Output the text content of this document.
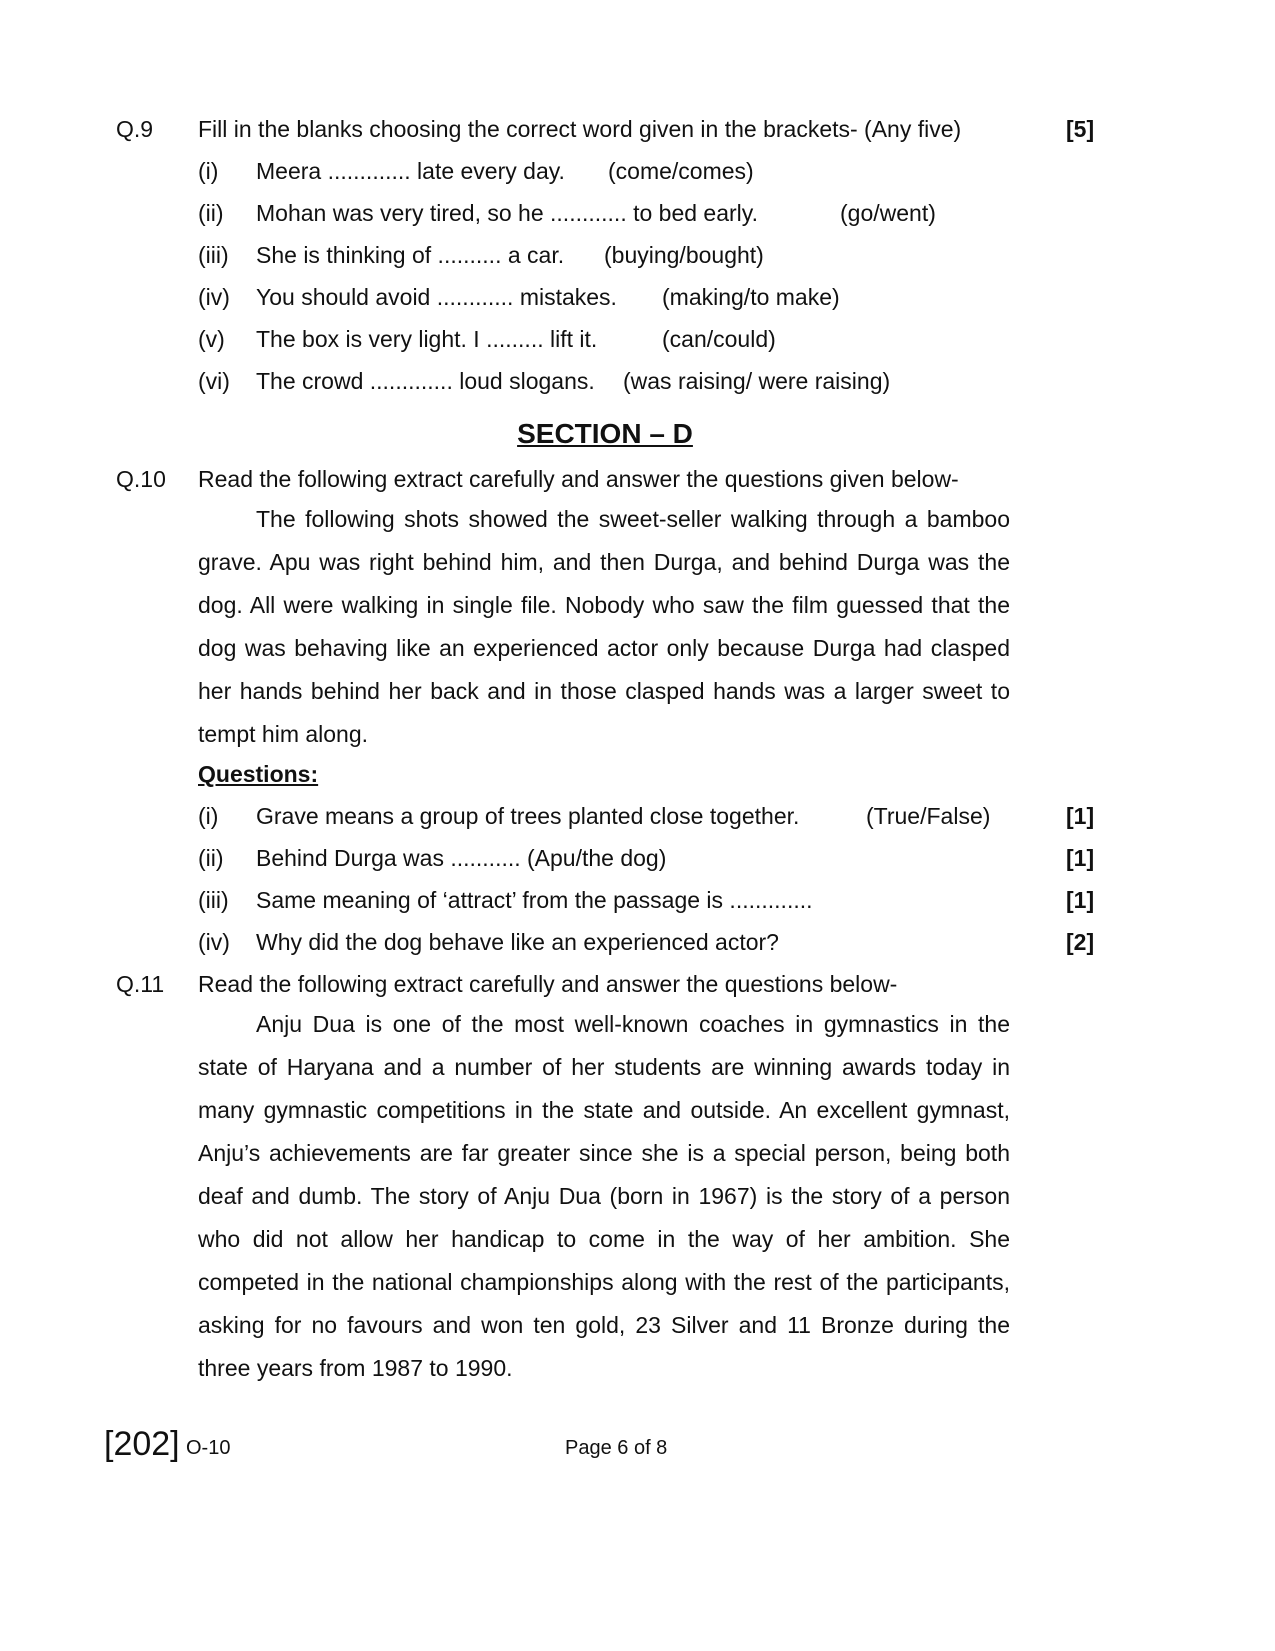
Q.9 Fill in the blanks choosing the correct word given in the brackets- (Any five)	[5]
(i) Meera ............. late every day. (come/comes)
(ii) Mohan was very tired, so he ............ to bed early.	(go/went)
(iii) She is thinking of .......... a car. (buying/bought)
(iv) You should avoid ............ mistakes. (making/to make)
(v) The box is very light. I ......... lift it.	(can/could)
(vi) The crowd ............. loud slogans. (was raising/ were raising)
SECTION – D
Q.10 Read the following extract carefully and answer the questions given below-

The following shots showed the sweet-seller walking through a bamboo grave. Apu was right behind him, and then Durga, and behind Durga was the dog. All were walking in single file. Nobody who saw the film guessed that the dog was behaving like an experienced actor only because Durga had clasped her hands behind her back and in those clasped hands was a larger sweet to tempt him along.

Questions:
(i) Grave means a group of trees planted close together.	(True/False)	[1]
(ii) Behind Durga was ........... (Apu/the dog)	[1]
(iii) Same meaning of ‘attract’ from the passage is .............	[1]
(iv) Why did the dog behave like an experienced actor?	[2]
Q.11 Read the following extract carefully and answer the questions below-

Anju Dua is one of the most well-known coaches in gymnastics in the state of Haryana and a number of her students are winning awards today in many gymnastic competitions in the state and outside. An excellent gymnast, Anju’s achievements are far greater since she is a special person, being both deaf and dumb. The story of Anju Dua (born in 1967) is the story of a person who did not allow her handicap to come in the way of her ambition. She competed in the national championships along with the rest of the participants, asking for no favours and won ten gold, 23 Silver and 11 Bronze during the three years from 1987 to 1990.

[202] O-10	Page 6 of 8
